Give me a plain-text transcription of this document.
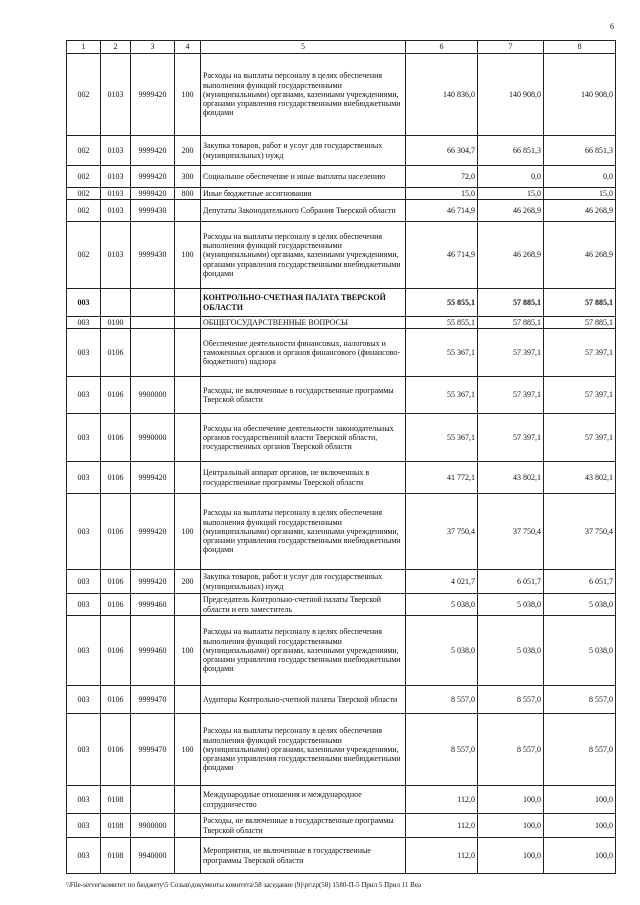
6
1	2	3	4	5	6	7	8
002	0103	9999420	100	Расходы на выплаты персоналу в целях обеспечения выполнения функций государственными (муниципальными) органами, казенными учреждениями, органами управления государственными внебюджетными фондами	140 836,0	140 908,0	140 908,0
002	0103	9999420	200	Закупка товаров, работ и услуг для государственных (муниципальных) нужд	66 304,7	66 851,3	66 851,3
002	0103	9999420	300	Социальное обеспечение и иные выплаты населению	72,0	0,0	0,0
002	0103	9999420	800	Иные бюджетные ассигнования	15,0	15,0	15,0
002	0103	9999430		Депутаты Законодательного Собрания Тверской области	46 714,9	46 268,9	46 268,9
002	0103	9999430	100	Расходы на выплаты персоналу в целях обеспечения выполнения функций государственными (муниципальными) органами, казенными учреждениями, органами управления государственными внебюджетными фондами	46 714,9	46 268,9	46 268,9
003				КОНТРОЛЬНО-СЧЕТНАЯ ПАЛАТА ТВЕРСКОЙ ОБЛАСТИ	55 855,1	57 885,1	57 885,1
003	0100			ОБЩЕГОСУДАРСТВЕННЫЕ ВОПРОСЫ	55 855,1	57 885,1	57 885,1
003	0106			Обеспечение деятельности финансовых, налоговых и таможенных органов и органов финансового (финансово-бюджетного) надзора	55 367,1	57 397,1	57 397,1
003	0106	9900000		Расходы, не включенные в государственные программы Тверской области	55 367,1	57 397,1	57 397,1
003	0106	9990000		Расходы на обеспечение деятельности законодательных органов государственной власти Тверской области, государственных органов Тверской области	55 367,1	57 397,1	57 397,1
003	0106	9999420		Центральный аппарат органов, не включенных в государственные программы Тверской области	41 772,1	43 802,1	43 802,1
003	0106	9999420	100	Расходы на выплаты персоналу в целях обеспечения выполнения функций государственными (муниципальными) органами, казенными учреждениями, органами управления государственными внебюджетными фондами	37 750,4	37 750,4	37 750,4
003	0106	9999420	200	Закупка товаров, работ и услуг для государственных (муниципальных) нужд	4 021,7	6 051,7	6 051,7
003	0106	9999460		Председатель Контрольно-счетной палаты Тверской области и его заместитель	5 038,0	5 038,0	5 038,0
003	0106	9999460	100	Расходы на выплаты персоналу в целях обеспечения выполнения функций государственными (муниципальными) органами, казенными учреждениями, органами управления государственными внебюджетными фондами	5 038,0	5 038,0	5 038,0
003	0106	9999470		Аудиторы Контрольно-счетной палаты Тверской области	8 557,0	8 557,0	8 557,0
003	0106	9999470	100	Расходы на выплаты персоналу в целях обеспечения выполнения функций государственными (муниципальными) органами, казенными учреждениями, органами управления государственными внебюджетными фондами	8 557,0	8 557,0	8 557,0
003	0108			Международные отношения и международное сотрудничество	112,0	100,0	100,0
003	0108	9900000		Расходы, не включенные в государственные программы Тверской области	112,0	100,0	100,0
003	0108	9940000		Мероприятия, не включенные в государственные программы Тверской области	112,0	100,0	100,0
\\File-server\комитет по бюджету\5 Созыв\документы комитета\58 заседание (9)\pr\zp(58) 1580-П-5 Прил 5 Прил 11 Bea
